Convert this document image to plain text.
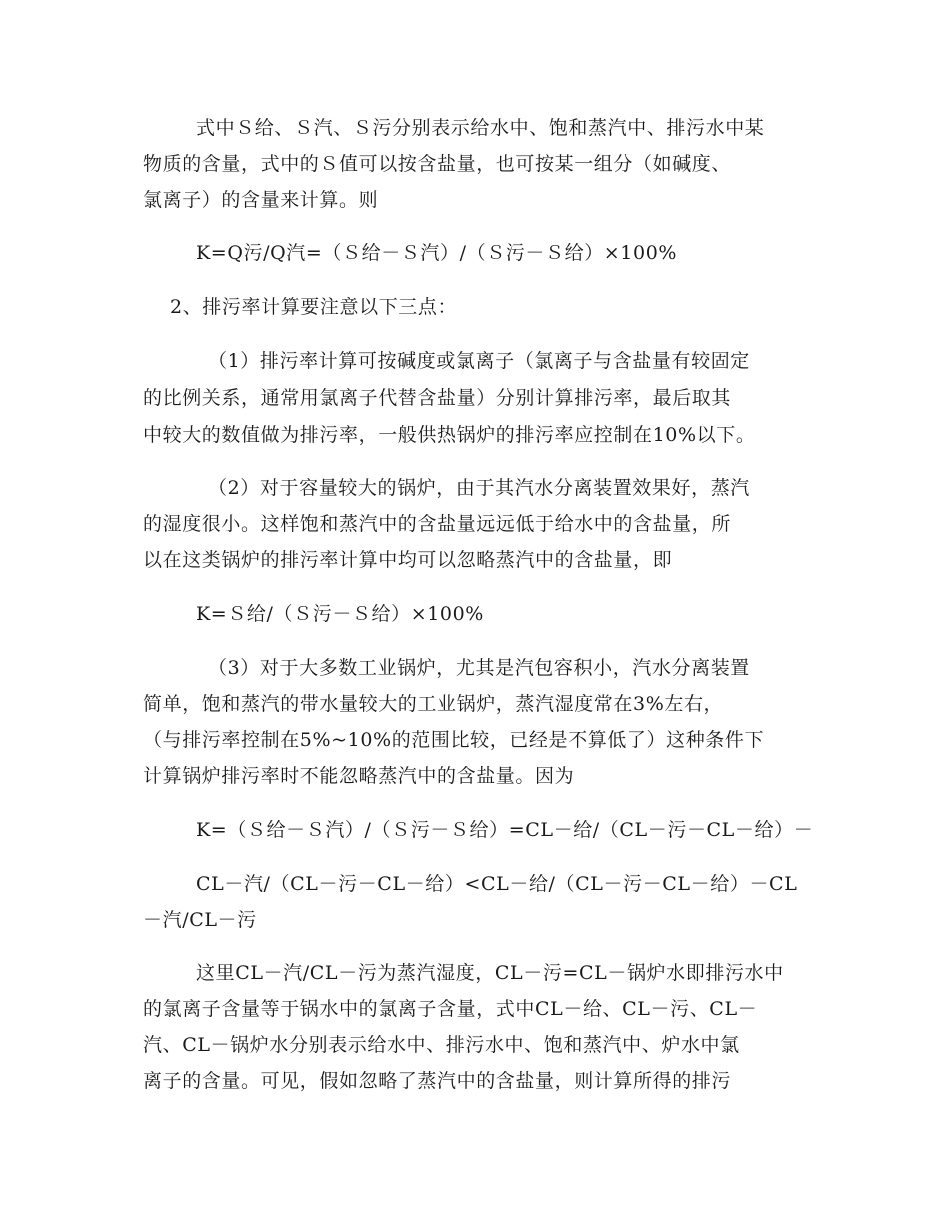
式中Ｓ给、Ｓ汽、Ｓ污分别表示给水中、饱和蒸汽中、排污水中某
物质的含量，式中的Ｓ值可以按含盐量，也可按某一组分（如碱度、
氯离子）的含量来计算。则
K=Q污/Q汽=（Ｓ给－Ｓ汽）/（Ｓ污－Ｓ给）×100%
2、排污率计算要注意以下三点：
（1）排污率计算可按碱度或氯离子（氯离子与含盐量有较固定
的比例关系，通常用氯离子代替含盐量）分别计算排污率，最后取其
中较大的数值做为排污率，一般供热锅炉的排污率应控制在10%以下。
（2）对于容量较大的锅炉，由于其汽水分离装置效果好，蒸汽
的湿度很小。这样饱和蒸汽中的含盐量远远低于给水中的含盐量，所
以在这类锅炉的排污率计算中均可以忽略蒸汽中的含盐量，即
K=Ｓ给/（Ｓ污－Ｓ给）×100%
（3）对于大多数工业锅炉，尤其是汽包容积小，汽水分离装置
简单，饱和蒸汽的带水量较大的工业锅炉，蒸汽湿度常在3%左右，
（与排污率控制在5%~10%的范围比较，已经是不算低了）这种条件下
计算锅炉排污率时不能忽略蒸汽中的含盐量。因为
K=（Ｓ给－Ｓ汽）/（Ｓ污－Ｓ给）=CL－给/（CL－污－CL－给）－
CL－汽/（CL－污－CL－给）<CL－给/（CL－污－CL－给）－CL
－汽/CL－污
这里CL－汽/CL－污为蒸汽湿度，CL－污=CL－锅炉水即排污水中
的氯离子含量等于锅水中的氯离子含量，式中CL－给、CL－污、CL－
汽、CL－锅炉水分别表示给水中、排污水中、饱和蒸汽中、炉水中氯
离子的含量。可见，假如忽略了蒸汽中的含盐量，则计算所得的排污
